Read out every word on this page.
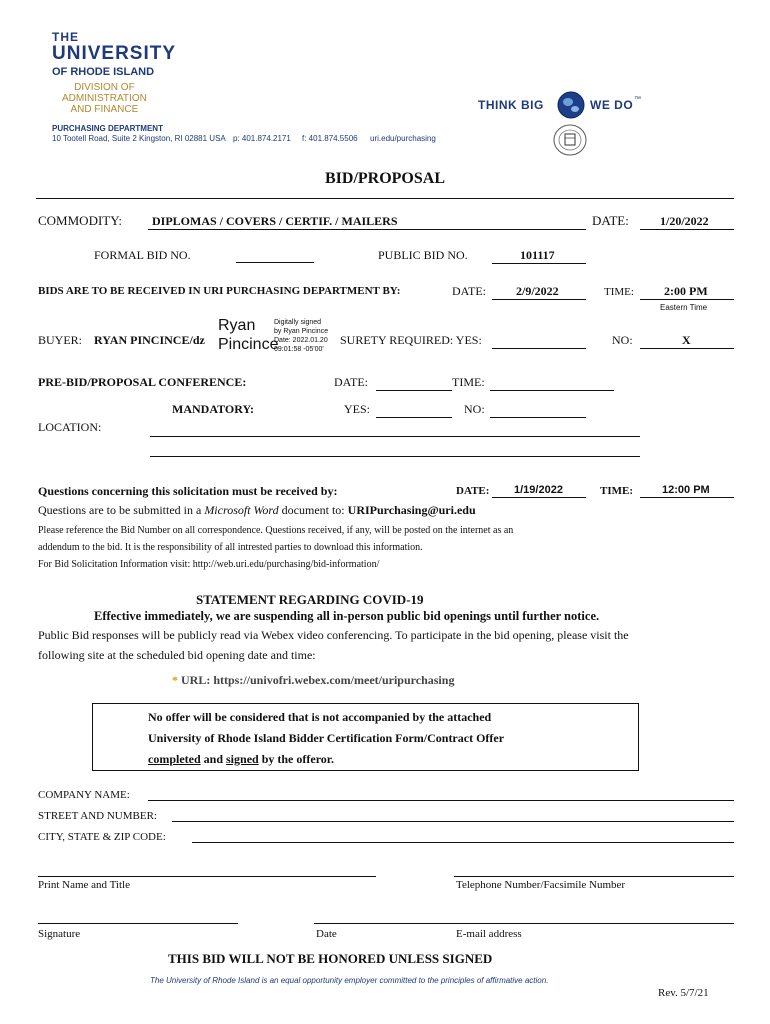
THE
UNIVERSITY
OF RHODE ISLAND
DIVISION OF
ADMINISTRATION
AND FINANCE
PURCHASING DEPARTMENT
10 Tootell Road, Suite 2 Kingston, RI 02881 USA p: 401.874.2171 f: 401.874.5506 uri.edu/purchasing
THINK BIG	WE DO ™
BID/PROPOSAL
COMMODITY: DIPLOMAS / COVERS / CERTIF. / MAILERS	DATE:	1/20/2022
FORMAL BID NO.	PUBLIC BID NO.	101117
BIDS ARE TO BE RECEIVED IN URI PURCHASING DEPARTMENT BY:	DATE:	2/9/2022	TIME:	2:00 PM
Eastern Time
BUYER: RYAN PINCINCE/dz
Ryan
Pincince
Digitally signed
by Ryan Pincince
Date: 2022.01.20
09:01:58 -05'00'
SURETY REQUIRED: YES:	NO:	X
PRE-BID/PROPOSAL CONFERENCE:	DATE:	TIME:
MANDATORY:	YES:	NO:
LOCATION:
Questions concerning this solicitation must be received by:	DATE: 1/19/2022	TIME:	12:00 PM
Questions are to be submitted in a Microsoft Word document to: URIPurchasing@uri.edu
Please reference the Bid Number on all correspondence. Questions received, if any, will be posted on the internet as an
addendum to the bid. It is the responsibility of all intrested parties to download this information.
For Bid Solicitation Information visit: http://web.uri.edu/purchasing/bid-information/
STATEMENT REGARDING COVID-19
Effective immediately, we are suspending all in-person public bid openings until further notice.
Public Bid responses will be publicly read via Webex video conferencing. To participate in the bid opening, please visit the
following site at the scheduled bid opening date and time:
* URL: https://univofri.webex.com/meet/uripurchasing
No offer will be considered that is not accompanied by the attached
University of Rhode Island Bidder Certification Form/Contract Offer
completed and signed by the offeror.
COMPANY NAME:
STREET AND NUMBER:
CITY, STATE & ZIP CODE:
Print Name and Title	Telephone Number/Facsimile Number
Signature	Date	E-mail address
THIS BID WILL NOT BE HONORED UNLESS SIGNED
The University of Rhode Island is an equal opportunity employer committed to the principles of affirmative action.
Rev. 5/7/21
